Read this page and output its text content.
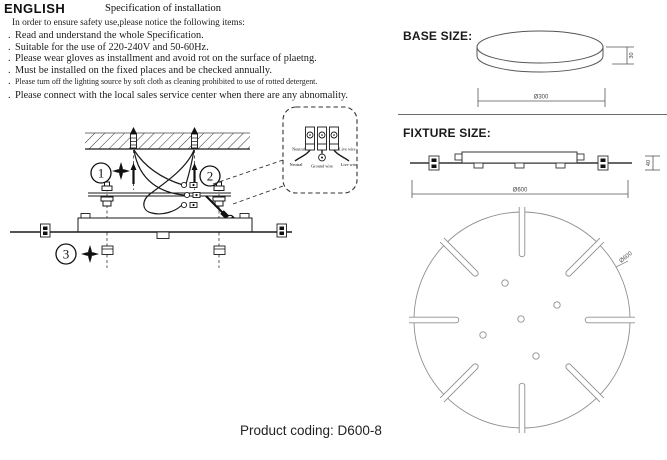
ENGLISH	Specification of installation
In order to ensure safety use,please notice the following items:
. Read and understand the whole Specification.
. Suitable for the use of 220-240V and 50-60Hz.
. Please wear gloves as installment and avoid rot on the surface of plaetng.
. Must be installed on the fixed places and be checked annually.
. Please turn off the lighting source by soft cloth as cleaning prohibited to use of rotted detergent.
. Please connect with the local sales service center when there are any abnomality.
1	2
3
Neutral	Live wire
Neutral Ground wire Live wire
BASE SIZE:
FIXTURE SIZE:
30
Ø300
40
Ø600
Ø600
Product coding: D600-8
